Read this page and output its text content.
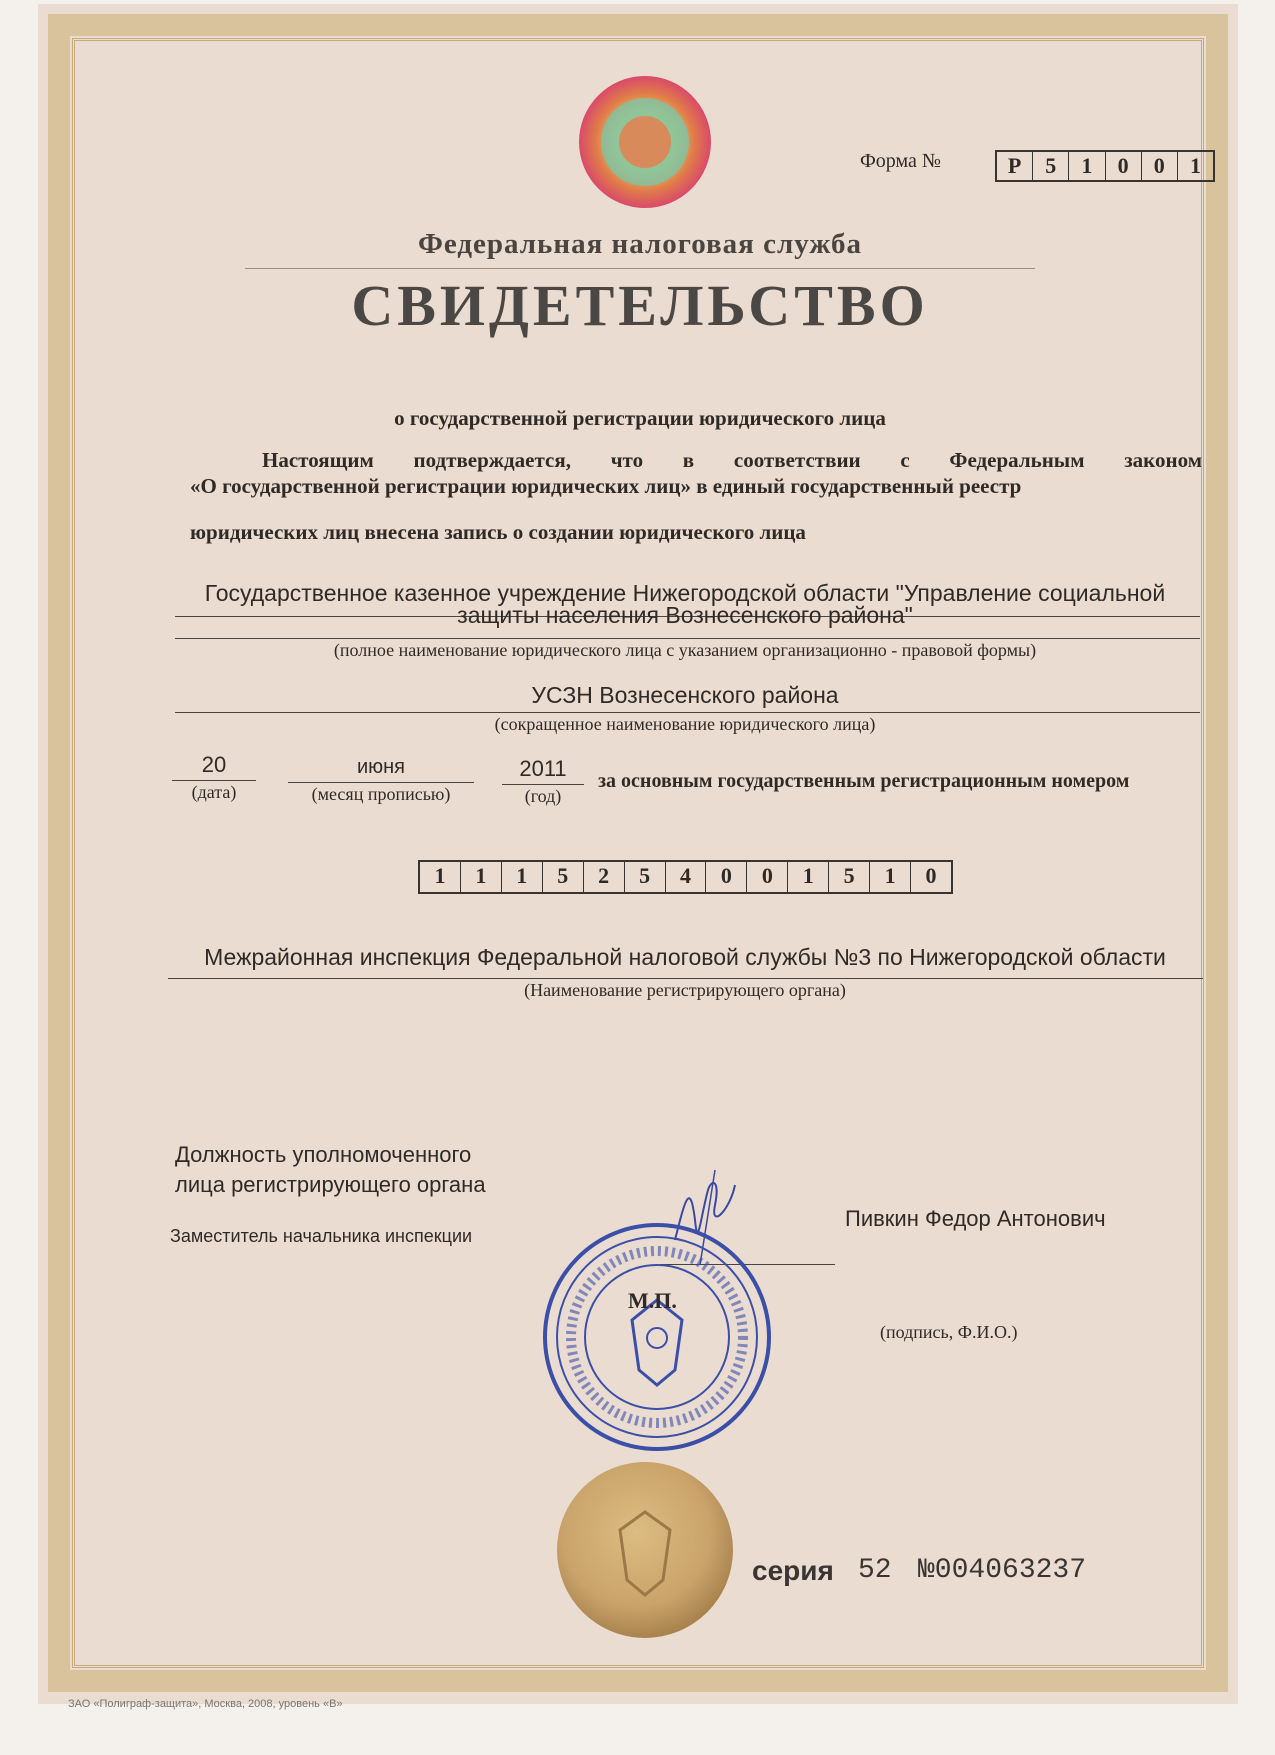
Форма №	Р	5	1	0	0	1
Федеральная налоговая служба
СВИДЕТЕЛЬСТВО
о государственной регистрации юридического лица
Настоящим подтверждается, что в соответствии с Федеральным законом
«О государственной регистрации юридических лиц» в единый государственный реестр
юридических лиц внесена запись о создании юридического лица
Государственное казенное учреждение Нижегородской области "Управление социальной
защиты населения Вознесенского района"
(полное наименование юридического лица с указанием организационно - правовой формы)
УСЗН Вознесенского района
(сокращенное наименование юридического лица)
20
(дата)
июня
(месяц прописью)
2011
(год)
за основным государственным регистрационным номером
1	1	1	5	2	5	4	0	0	1	5	1	0
Межрайонная инспекция Федеральной налоговой службы №3 по Нижегородской области
(Наименование регистрирующего органа)
Должность уполномоченного
лица регистрирующего органа
Заместитель начальника инспекции
Пивкин Федор Антонович
(подпись, Ф.И.О.)
М.П.
серия 52 №004063237
ЗАО «Полиграф-защита», Москва, 2008, уровень «В»
